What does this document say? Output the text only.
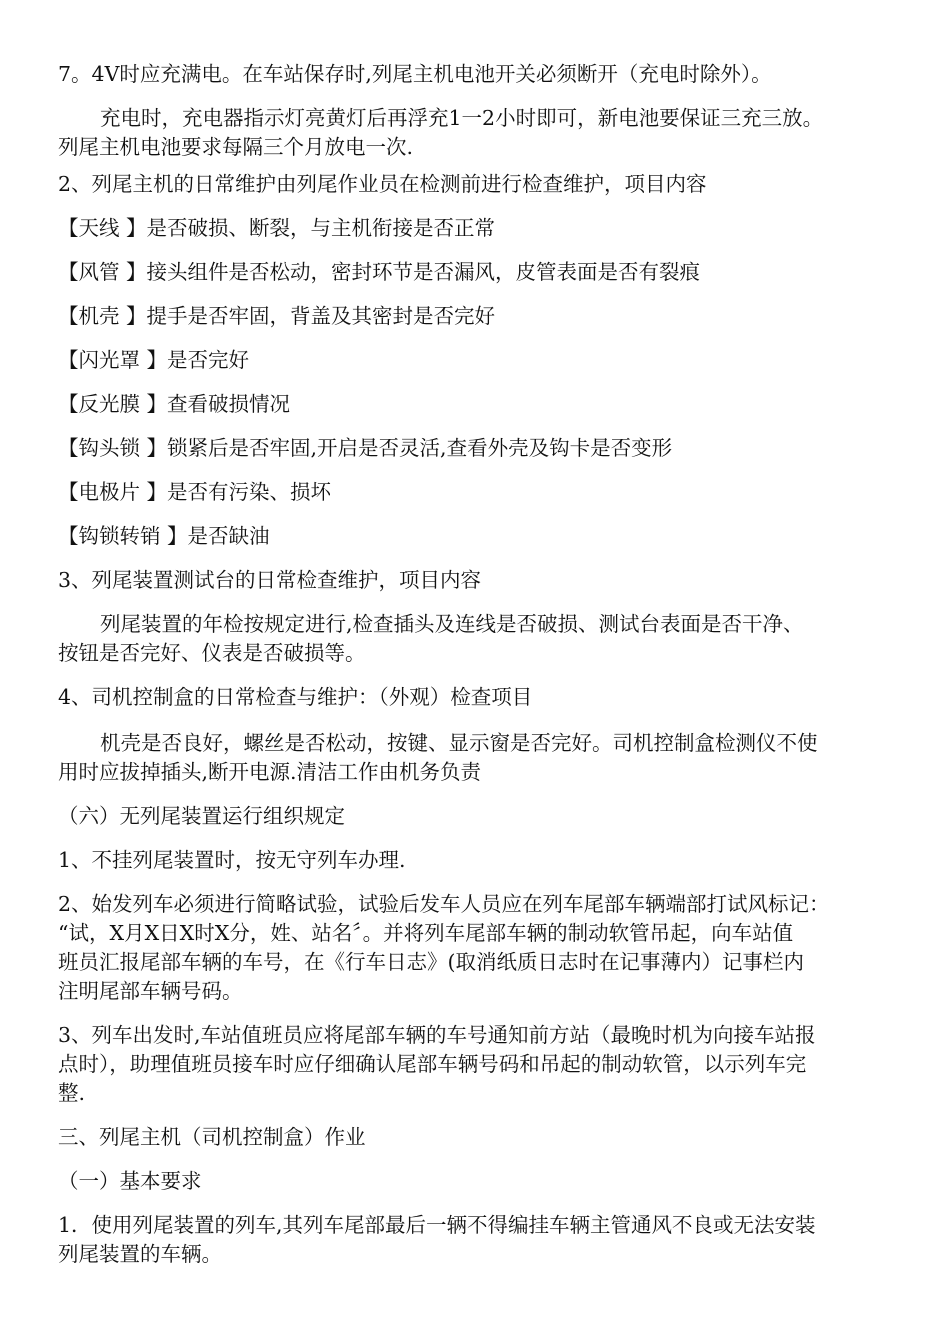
7。4V时应充满电。在车站保存时,列尾主机电池开关必须断开（充电时除外）。

充电时，充电器指示灯亮黄灯后再浮充1一2小时即可，新电池要保证三充三放。

列尾主机电池要求每隔三个月放电一次.

2、列尾主机的日常维护由列尾作业员在检测前进行检查维护，项目内容

【天线 】是否破损、断裂，与主机衔接是否正常

【风管 】接头组件是否松动，密封环节是否漏风，皮管表面是否有裂痕

【机壳 】提手是否牢固，背盖及其密封是否完好

【闪光罩 】是否完好

【反光膜 】查看破损情况

【钩头锁 】锁紧后是否牢固,开启是否灵活,查看外壳及钩卡是否变形

【电极片 】是否有污染、损坏

【钩锁转销 】是否缺油

3、列尾装置测试台的日常检查维护，项目内容

列尾装置的年检按规定进行,检查插头及连线是否破损、测试台表面是否干净、

按钮是否完好、仪表是否破损等。

4、司机控制盒的日常检查与维护：（外观）检查项目

机壳是否良好，螺丝是否松动，按键、显示窗是否完好。司机控制盒检测仪不使

用时应拔掉插头,断开电源.清洁工作由机务负责

（六）无列尾装置运行组织规定

1、不挂列尾装置时，按无守列车办理.

2、始发列车必须进行简略试验，试验后发车人员应在列车尾部车辆端部打试风标记：

“试，X月X日X时X分，姓、站名〞。并将列车尾部车辆的制动软管吊起，向车站值

班员汇报尾部车辆的车号，在《行车日志》(取消纸质日志时在记事薄内）记事栏内

注明尾部车辆号码。

3、列车出发时,车站值班员应将尾部车辆的车号通知前方站（最晚时机为向接车站报

点时），助理值班员接车时应仔细确认尾部车辆号码和吊起的制动软管，以示列车完

整.

三、列尾主机（司机控制盒）作业

（一）基本要求

1．使用列尾装置的列车,其列车尾部最后一辆不得编挂车辆主管通风不良或无法安装

列尾装置的车辆。
